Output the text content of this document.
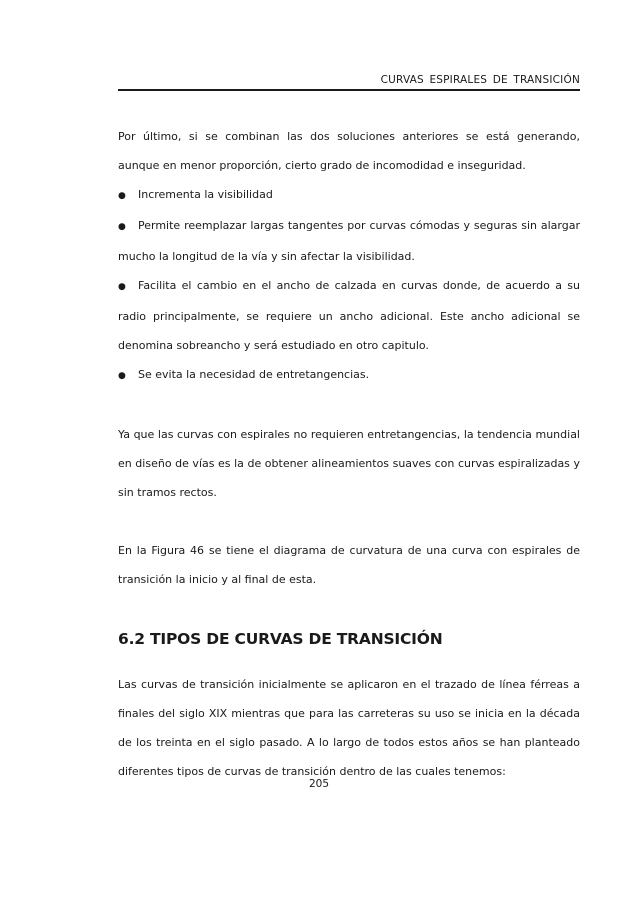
CURVAS ESPIRALES DE TRANSICIÓN

Por último, si se combinan las dos soluciones anteriores se está generando, aunque en menor proporción, cierto grado de incomodidad e inseguridad.

● Incrementa la visibilidad
● Permite reemplazar largas tangentes por curvas cómodas y seguras sin alargar mucho la longitud de la vía y sin afectar la visibilidad.
● Facilita el cambio en el ancho de calzada en curvas donde, de acuerdo a su radio principalmente, se requiere un ancho adicional. Este ancho adicional se denomina sobreancho y será estudiado en otro capitulo.
● Se evita la necesidad de entretangencias.

Ya que las curvas con espirales no requieren entretangencias, la tendencia mundial en diseño de vías es la de obtener alineamientos suaves con curvas espiralizadas y sin tramos rectos.

En la Figura 46 se tiene el diagrama de curvatura de una curva con espirales de transición la inicio y al final de esta.

6.2 TIPOS DE CURVAS DE TRANSICIÓN

Las curvas de transición inicialmente se aplicaron en el trazado de línea férreas a finales del siglo XIX mientras que para las carreteras su uso se inicia en la década de los treinta en el siglo pasado. A lo largo de todos estos años se han planteado diferentes tipos de curvas de transición dentro de las cuales tenemos:

205
